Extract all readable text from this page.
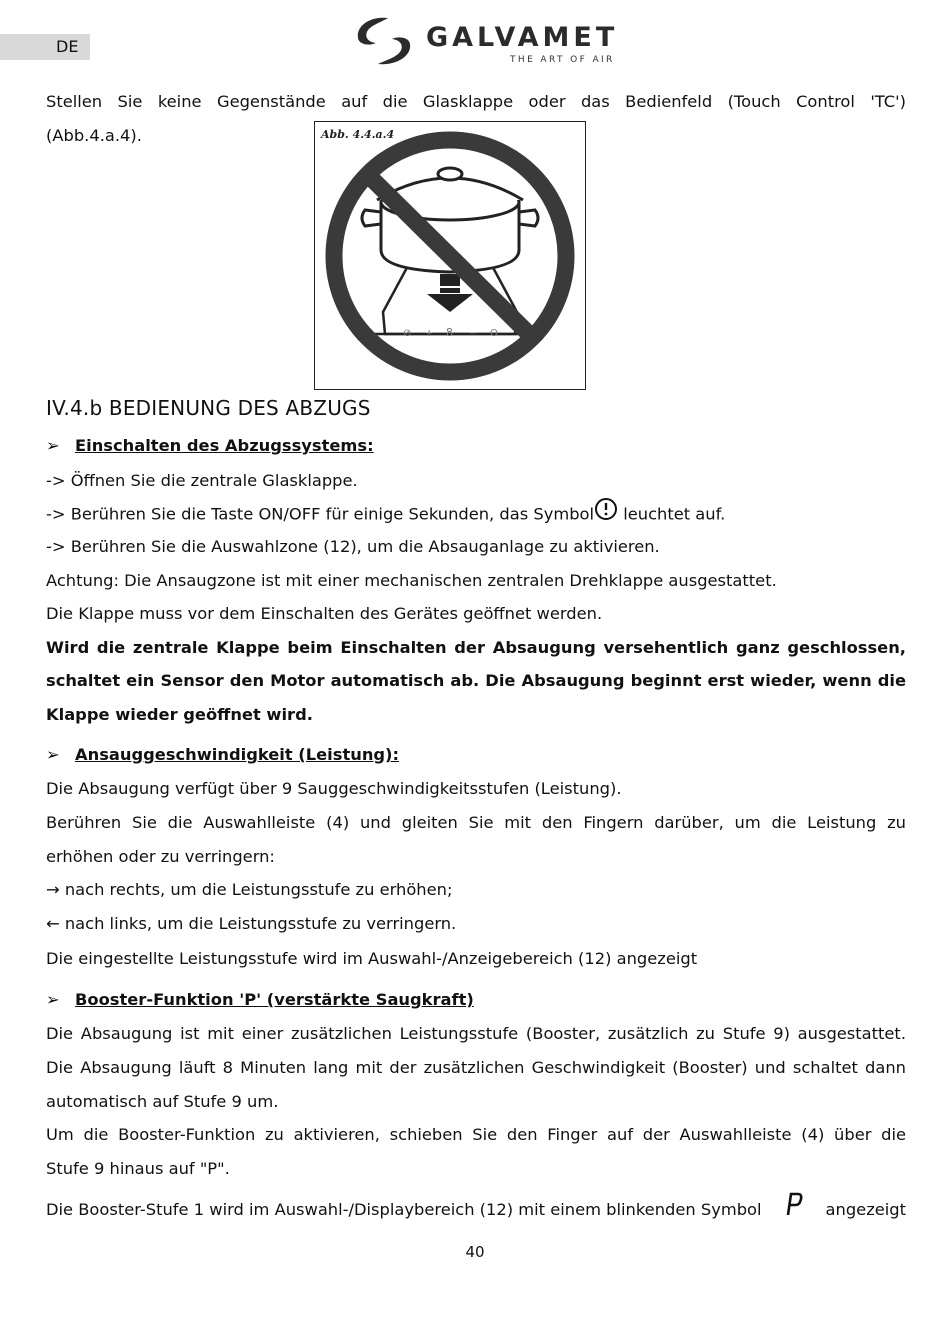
DE	GALVAMET
THE ART OF AIR
Stellen Sie keine Gegenstände auf die Glasklappe oder das Bedienfeld (Touch Control 'TC')
(Abb.4.a.4).	Abb. 4.4.a.4
⊘ + 8 − O
IV.4.b BEDIENUNG DES ABZUGS
➢ Einschalten des Abzugssystems:
-> Öffnen Sie die zentrale Glasklappe.
-> Berühren Sie die Taste ON/OFF für einige Sekunden, das Symbol leuchtet auf.
-> Berühren Sie die Auswahlzone (12), um die Absauganlage zu aktivieren.
Achtung: Die Ansaugzone ist mit einer mechanischen zentralen Drehklappe ausgestattet.
Die Klappe muss vor dem Einschalten des Gerätes geöffnet werden.
Wird die zentrale Klappe beim Einschalten der Absaugung versehentlich ganz geschlossen,
schaltet ein Sensor den Motor automatisch ab. Die Absaugung beginnt erst wieder, wenn die
Klappe wieder geöffnet wird.
➢ Ansauggeschwindigkeit (Leistung):
Die Absaugung verfügt über 9 Sauggeschwindigkeitsstufen (Leistung).
Berühren Sie die Auswahlleiste (4) und gleiten Sie mit den Fingern darüber, um die Leistung zu
erhöhen oder zu verringern:
→ nach rechts, um die Leistungsstufe zu erhöhen;
← nach links, um die Leistungsstufe zu verringern.
Die eingestellte Leistungsstufe wird im Auswahl-/Anzeigebereich (12) angezeigt
➢ Booster-Funktion 'P' (verstärkte Saugkraft)
Die Absaugung ist mit einer zusätzlichen Leistungsstufe (Booster, zusätzlich zu Stufe 9) ausgestattet.
Die Absaugung läuft 8 Minuten lang mit der zusätzlichen Geschwindigkeit (Booster) und schaltet dann
automatisch auf Stufe 9 um.
Um die Booster-Funktion zu aktivieren, schieben Sie den Finger auf der Auswahlleiste (4) über die
Stufe 9 hinaus auf "P".
Die Booster-Stufe 1 wird im Auswahl-/Displaybereich (12) mit einem blinkenden Symbol	angezeigt
40
